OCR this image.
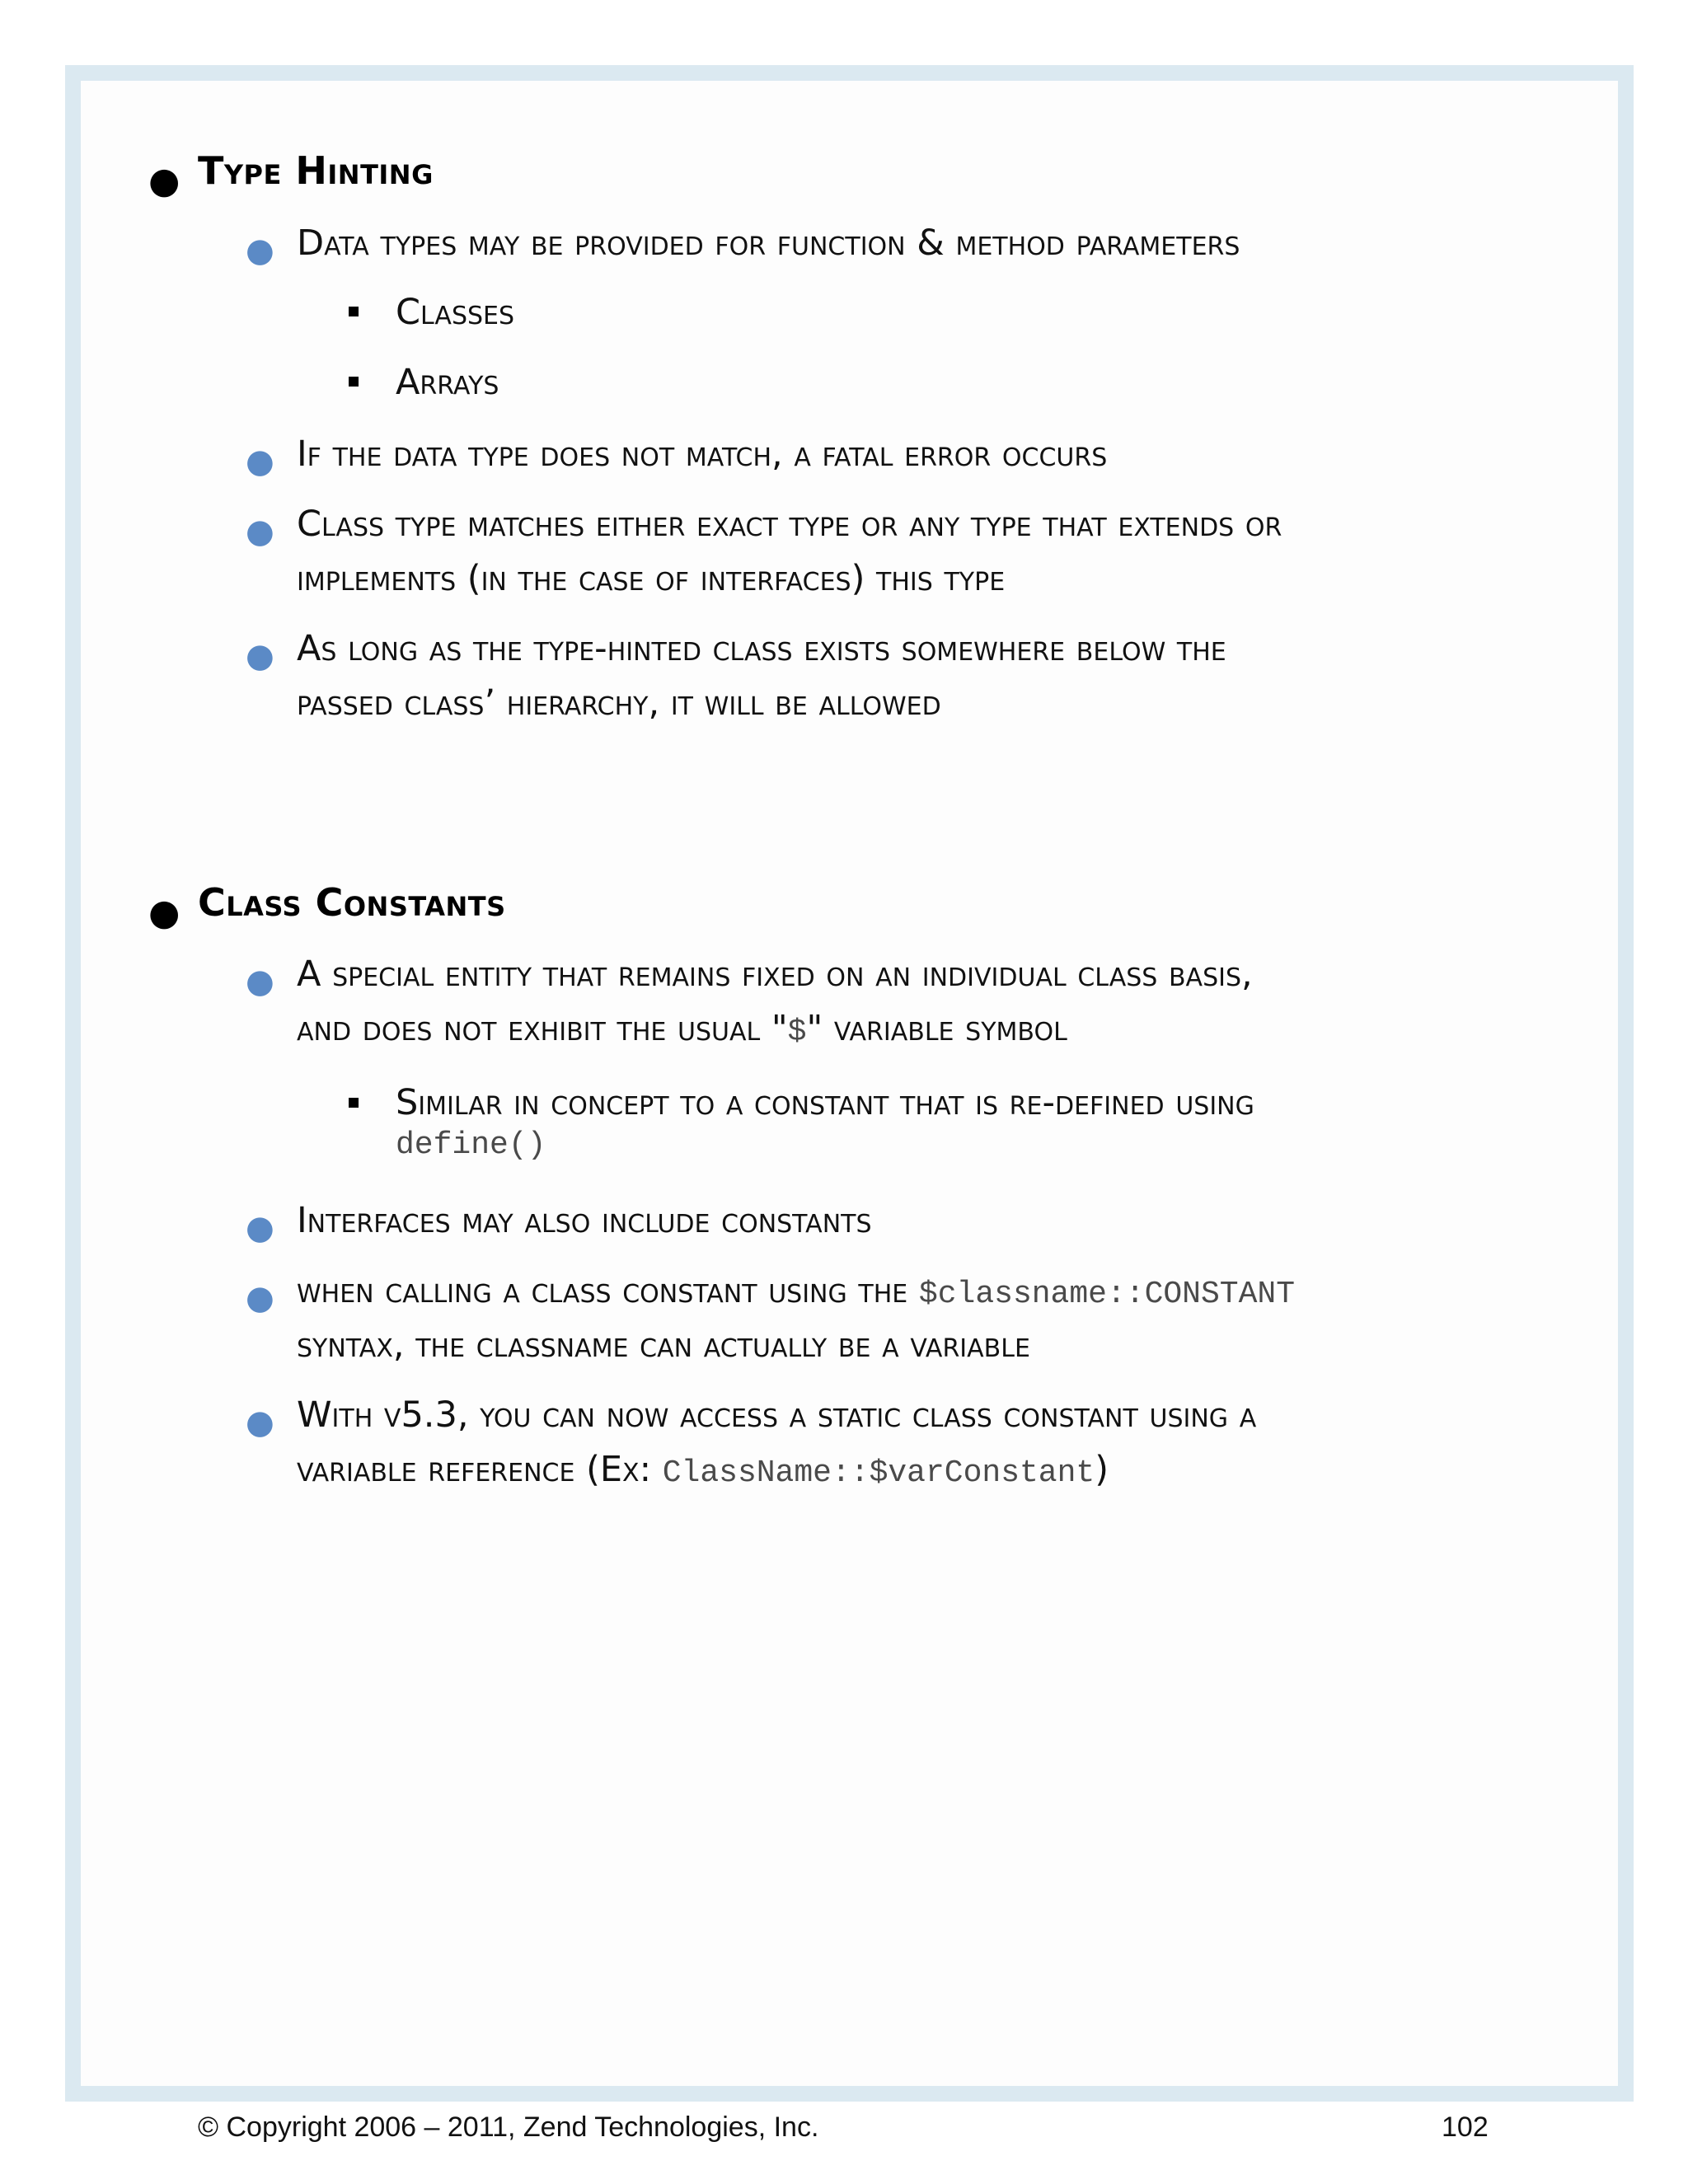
● Type Hinting
● Data types may be provided for function & method parameters
Classes
Arrays
● If the data type does not match, a fatal error occurs
● Class type matches either exact type or any type that extends or
implements (in the case of interfaces) this type
● As long as the type-hinted class exists somewhere below the
passed class’ hierarchy, it will be allowed
● Class Constants
● A special entity that remains fixed on an individual class basis,
and does not exhibit the usual "$" variable symbol
Similar in concept to a constant that is re-defined using
define()
● Interfaces may also include constants
● when calling a class constant using the $classname::CONSTANT
syntax, the classname can actually be a variable
● With v5.3, you can now access a static class constant using a
variable reference (Ex: ClassName::$varConstant)
© Copyright 2006 – 2011, Zend Technologies, Inc.	102
